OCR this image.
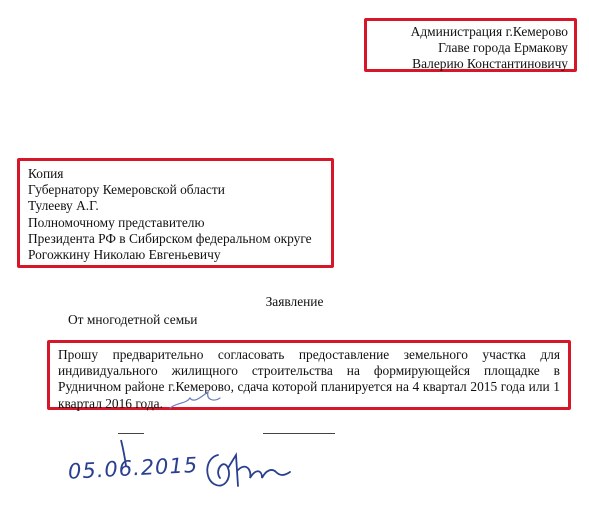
Администрация г.Кемерово
Главе города Ермакову
Валерию Константиновичу
Копия
Губернатору Кемеровской области
Тулееву А.Г.
Полномочному представителю
Президента РФ в Сибирском федеральном округе
Рогожкину Николаю Евгеньевичу
Заявление
От многодетной семьи

Прошу предварительно согласовать предоставление земельного участка для индивидуального жилищного строительства на формирующейся площадке в Рудничном районе г.Кемерово, сдача которой планируется на 4 квартал 2015 года или 1 квартал 2016 года.

05.06.2015
